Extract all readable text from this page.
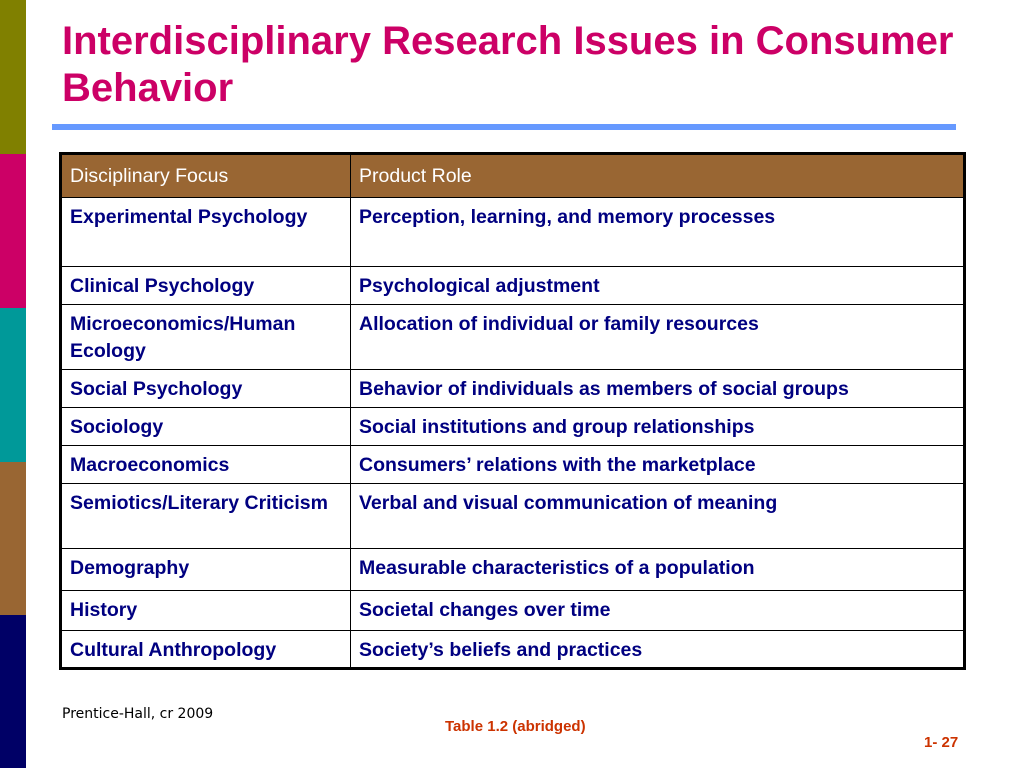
Interdisciplinary Research Issues in Consumer Behavior
Disciplinary Focus	Product Role
Experimental Psychology	Perception, learning, and memory processes
Clinical Psychology	Psychological adjustment
Microeconomics/Human Ecology	Allocation of individual or family resources
Social Psychology	Behavior of individuals as members of social groups
Sociology	Social institutions and group relationships
Macroeconomics	Consumers’ relations with the marketplace
Semiotics/Literary Criticism	Verbal and visual communication of meaning
Demography	Measurable characteristics of a population
History	Societal changes over time
Cultural Anthropology	Society’s beliefs and practices
Prentice-Hall, cr 2009
Table 1.2 (abridged)
1- 27
